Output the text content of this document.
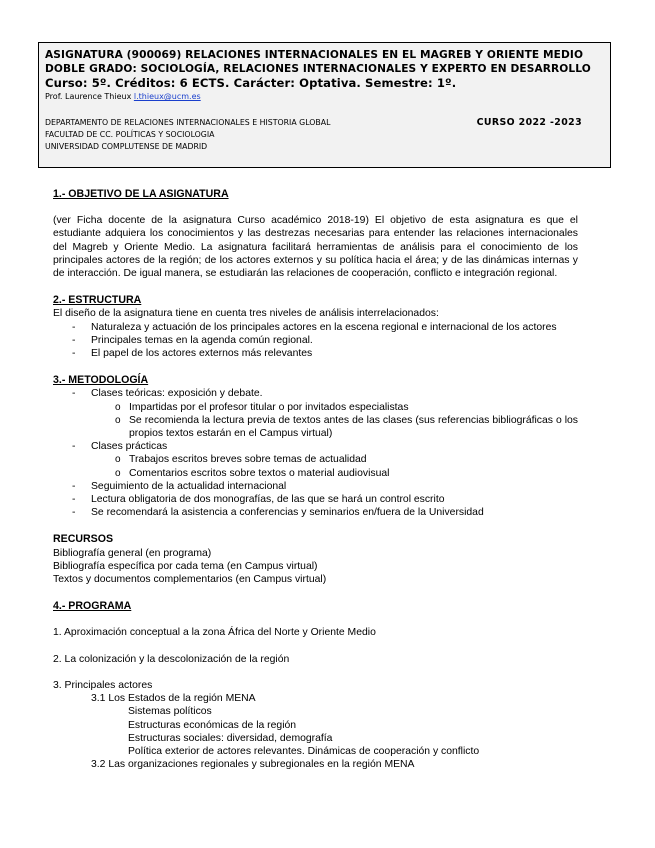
ASIGNATURA (900069) RELACIONES INTERNACIONALES EN EL MAGREB Y ORIENTE MEDIO
DOBLE GRADO: SOCIOLOGÍA, RELACIONES INTERNACIONALES Y EXPERTO EN DESARROLLO
Curso: 5º. Créditos: 6 ECTS. Carácter: Optativa. Semestre: 1º.
Prof. Laurence Thieux l.thieux@ucm.es
DEPARTAMENTO DE RELACIONES INTERNACIONALES E HISTORIA GLOBAL	CURSO 2022 -2023
FACULTAD DE CC. POLÍTICAS Y SOCIOLOGIA
UNIVERSIDAD COMPLUTENSE DE MADRID

1.- OBJETIVO DE LA ASIGNATURA

(ver Ficha docente de la asignatura Curso académico 2018-19) El objetivo de esta asignatura es que el estudiante adquiera los conocimientos y las destrezas necesarias para entender las relaciones internacionales del Magreb y Oriente Medio. La asignatura facilitará herramientas de análisis para el conocimiento de los principales actores de la región; de los actores externos y su política hacia el área; y de las dinámicas internas y de interacción. De igual manera, se estudiarán las relaciones de cooperación, conflicto e integración regional.

2.- ESTRUCTURA

El diseño de la asignatura tiene en cuenta tres niveles de análisis interrelacionados:

- Naturaleza y actuación de los principales actores en la escena regional e internacional de los actores
- Principales temas en la agenda común regional.
- El papel de los actores externos más relevantes

3.- METODOLOGÍA

- Clases teóricas: exposición y debate.
o Impartidas por el profesor titular o por invitados especialistas
o Se recomienda la lectura previa de textos antes de las clases (sus referencias bibliográficas o los propios textos estarán en el Campus virtual)
- Clases prácticas
o Trabajos escritos breves sobre temas de actualidad
o Comentarios escritos sobre textos o material audiovisual
- Seguimiento de la actualidad internacional
- Lectura obligatoria de dos monografías, de las que se hará un control escrito
- Se recomendará la asistencia a conferencias y seminarios en/fuera de la Universidad

RECURSOS

Bibliografía general (en programa)

Bibliografía específica por cada tema (en Campus virtual)

Textos y documentos complementarios (en Campus virtual)

4.- PROGRAMA

1. Aproximación conceptual a la zona África del Norte y Oriente Medio

2. La colonización y la descolonización de la región

3. Principales actores

3.1 Los Estados de la región MENA

Sistemas políticos

Estructuras económicas de la región

Estructuras sociales: diversidad, demografía

Política exterior de actores relevantes. Dinámicas de cooperación y conflicto

3.2 Las organizaciones regionales y subregionales en la región MENA
